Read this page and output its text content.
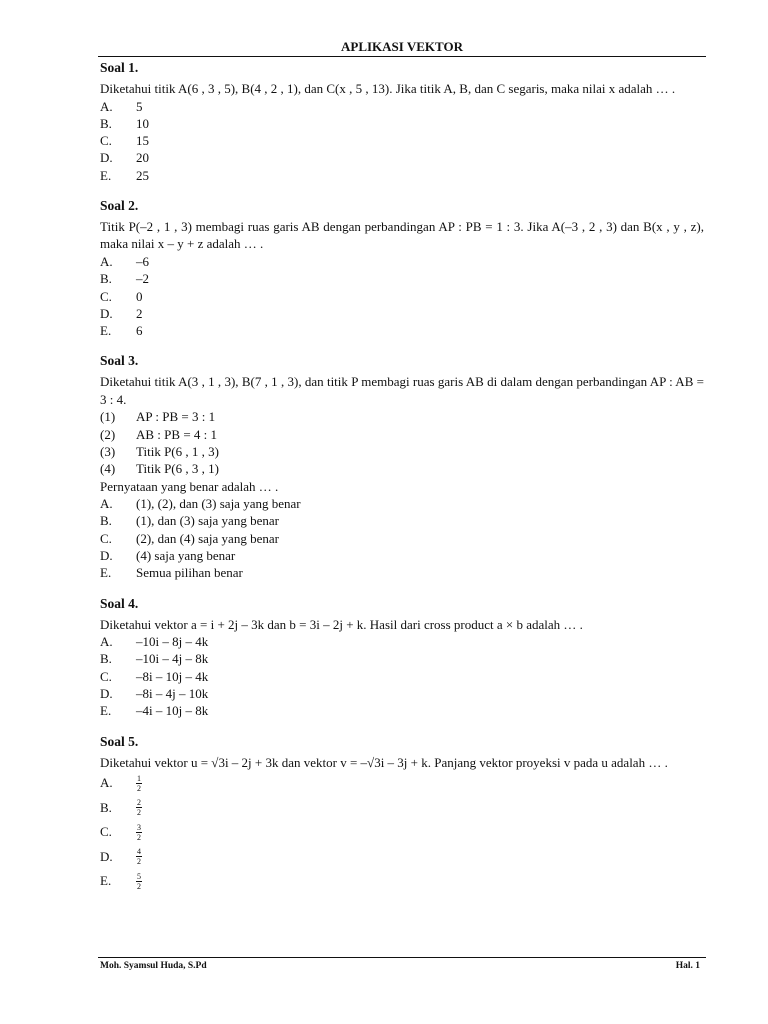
APLIKASI VEKTOR
Soal 1.
Diketahui titik A(6 , 3 , 5), B(4 , 2 , 1), dan C(x , 5 , 13). Jika titik A, B, dan C segaris, maka nilai x adalah … .
A.	5
B.	10
C.	15
D.	20
E.	25
Soal 2.
Titik P(–2 , 1 , 3) membagi ruas garis AB dengan perbandingan AP : PB = 1 : 3. Jika A(–3 , 2 , 3) dan B(x , y , z), maka nilai x – y + z adalah … .
A.	–6
B.	–2
C.	0
D.	2
E.	6
Soal 3.
Diketahui titik A(3 , 1 , 3), B(7 , 1 , 3), dan titik P membagi ruas garis AB di dalam dengan perbandingan AP : AB = 3 : 4.
(1)	AP : PB = 3 : 1
(2)	AB : PB = 4 : 1
(3)	Titik P(6 , 1 , 3)
(4)	Titik P(6 , 3 , 1)
Pernyataan yang benar adalah … .
A.	(1), (2), dan (3) saja yang benar
B.	(1), dan (3) saja yang benar
C.	(2), dan (4) saja yang benar
D.	(4) saja yang benar
E.	Semua pilihan benar
Soal 4.
Diketahui vektor a = i + 2j – 3k dan b = 3i – 2j + k. Hasil dari cross product a × b adalah … .
A.	–10i – 8j – 4k
B.	–10i – 4j – 8k
C.	–8i – 10j – 4k
D.	–8i – 4j – 10k
E.	–4i – 10j – 8k
Soal 5.
Diketahui vektor u = √3i – 2j + 3k dan vektor v = –√3i – 3j + k. Panjang vektor proyeksi v pada u adalah … .
A.	$\frac{1}{2}$
B.	$\frac{2}{2}$
C.	$\frac{3}{2}$
D.	$\frac{4}{2}$
E.	$\frac{5}{2}$
Moh. Syamsul Huda, S.Pd	Hal. 1
